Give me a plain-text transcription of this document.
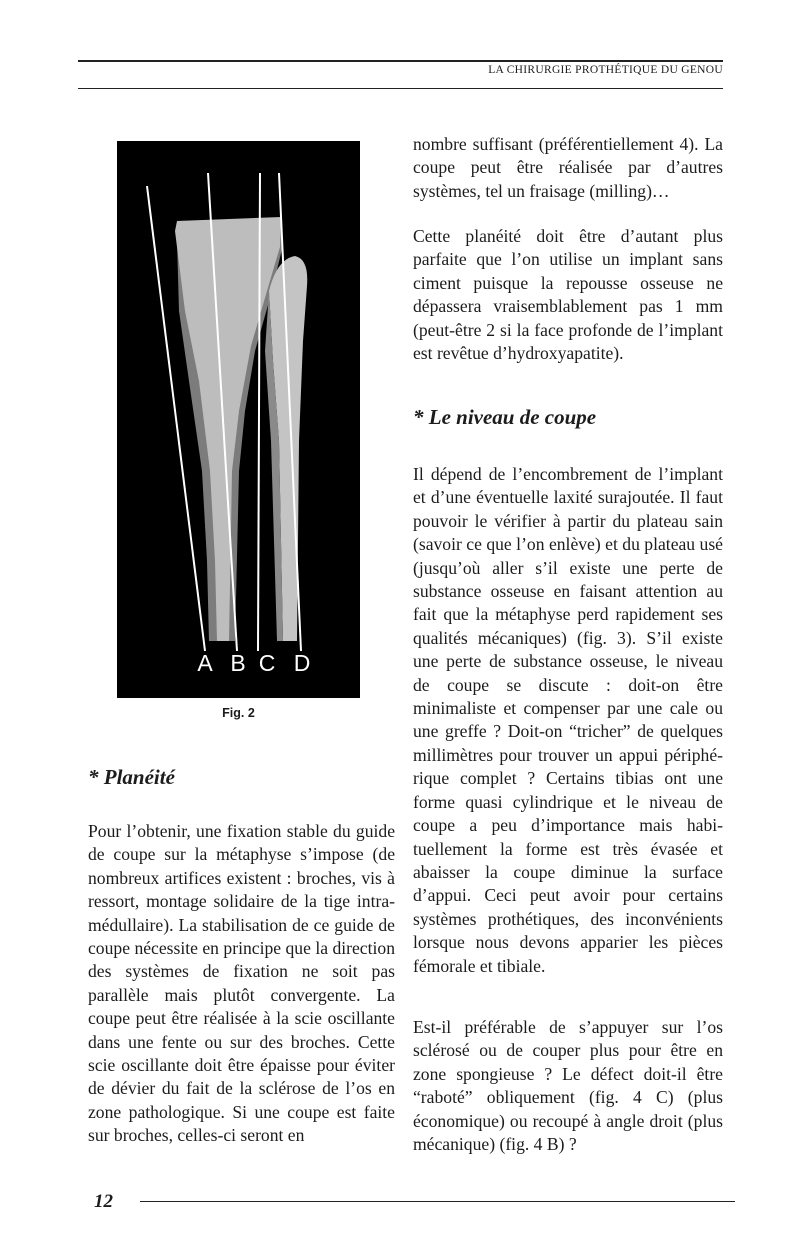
LA CHIRURGIE PROTHÉTIQUE DU GENOU
A B C D
Fig. 2
* Planéité

Pour l’obtenir, une fixation stable du guide de coupe sur la métaphyse s’impose (de nombreux artifices existent : broches, vis à ressort, montage solidaire de la tige intra-médullaire). La stabilisation de ce guide de coupe nécessite en principe que la direction des systèmes de fixation ne soit pas parallèle mais plutôt convergente. La coupe peut être réalisée à la scie oscillante dans une fente ou sur des broches. Cette scie oscillante doit être épaisse pour éviter de dévier du fait de la sclérose de l’os en zone pathologique. Si une coupe est faite sur broches, celles-ci seront en

nombre suffisant (préférentiellement 4). La coupe peut être réalisée par d’autres systèmes, tel un fraisage (milling)…

Cette planéité doit être d’autant plus parfaite que l’on utilise un implant sans ciment puisque la repousse osseuse ne dépassera vraisemblablement pas 1 mm (peut-être 2 si la face profonde de l’implant est revêtue d’hydroxyapatite).

* Le niveau de coupe

Il dépend de l’encombrement de l’implant et d’une éventuelle laxité surajoutée. Il faut pouvoir le vérifier à partir du plateau sain (savoir ce que l’on enlève) et du plateau usé (jusqu’où aller s’il existe une perte de substance osseuse en faisant attention au fait que la métaphyse perd rapidement ses qualités mécaniques) (fig. 3). S’il existe une perte de substance osseuse, le niveau de coupe se discute : doit-on être minimaliste et compenser par une cale ou une greffe ? Doit-on “tricher” de quelques millimètres pour trouver un appui périphérique complet ? Certains tibias ont une forme quasi cylindrique et le niveau de coupe a peu d’importance mais habituellement la forme est très évasée et abaisser la coupe diminue la surface d’appui. Ceci peut avoir pour certains systèmes prothétiques, des inconvénients lorsque nous devons apparier les pièces fémorale et tibiale.

Est-il préférable de s’appuyer sur l’os sclérosé ou de couper plus pour être en zone spongieuse ? Le défect doit-il être “raboté” obliquement (fig. 4 C) (plus économique) ou recoupé à angle droit (plus mécanique) (fig. 4 B) ?

12
